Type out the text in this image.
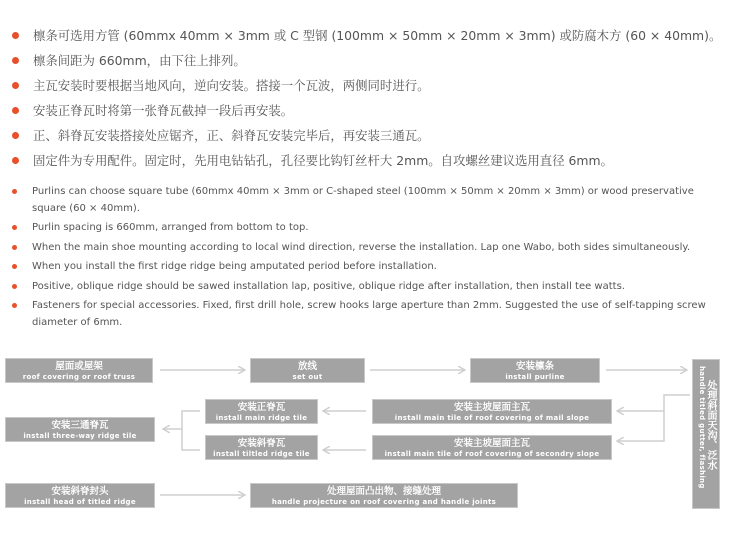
檩条可选用方管 (60mmx 40mm × 3mm 或 C 型钢 (100mm × 50mm × 20mm × 3mm) 或防腐木方 (60 × 40mm)。
檩条间距为 660mm，由下往上排列。
主瓦安装时要根据当地风向，逆向安装。搭接一个瓦波，两侧同时进行。
安装正脊瓦时将第一张脊瓦截掉一段后再安装。
正、斜脊瓦安装搭接处应锯齐，正、斜脊瓦安装完毕后，再安装三通瓦。
固定件为专用配件。固定时，先用电钻钻孔，孔径要比钩钉丝杆大 2mm。自攻螺丝建议选用直径 6mm。
Purlins can choose square tube (60mmx 40mm × 3mm or C-shaped steel (100mm × 50mm × 20mm × 3mm) or wood preservative square (60 × 40mm).
Purlin spacing is 660mm, arranged from bottom to top.
When the main shoe mounting according to local wind direction, reverse the installation. Lap one Wabo, both sides simultaneously.
When you install the first ridge ridge being amputated period before installation.
Positive, oblique ridge should be sawed installation lap, positive, oblique ridge after installation, then install tee watts.
Fasteners for special accessories. Fixed, first drill hole, screw hooks large aperture than 2mm. Suggested the use of self-tapping screw diameter of 6mm.
屋面或屋架
roof covering or roof truss
放线
set out
安装檩条
install purline
处理斜面天沟、泛水
handle titled gutter, flashing
安装主坡屋面主瓦
install main tile of roof covering of mail slope
安装主坡屋面主瓦
install main tile of roof covering of secondry slope
安装正脊瓦
install main ridge tile
安装斜脊瓦
install tiltled ridge tile
安装三通脊瓦
install three-way ridge tile
安装斜脊封头
install head of titled ridge
处理屋面凸出物、接缝处理
handle projecture on roof covering and handle joints
